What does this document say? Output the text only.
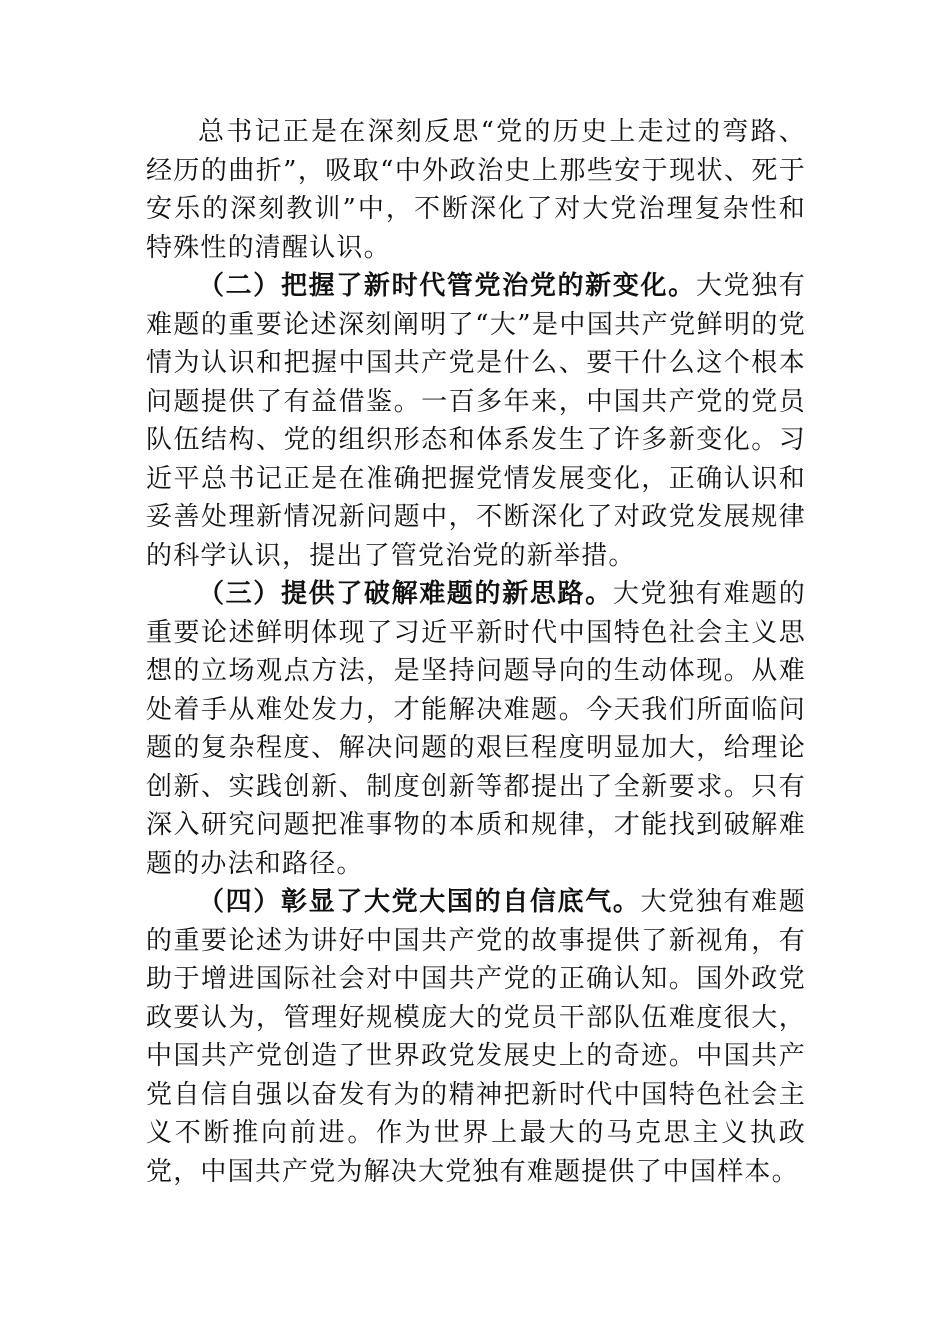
总书记正是在深刻反思“党的历史上走过的弯路、经历的曲折”，吸取“中外政治史上那些安于现状、死于安乐的深刻教训”中，不断深化了对大党治理复杂性和特殊性的清醒认识。

（二）把握了新时代管党治党的新变化。大党独有难题的重要论述深刻阐明了“大”是中国共产党鲜明的党情为认识和把握中国共产党是什么、要干什么这个根本问题提供了有益借鉴。一百多年来，中国共产党的党员队伍结构、党的组织形态和体系发生了许多新变化。习近平总书记正是在准确把握党情发展变化，正确认识和妥善处理新情况新问题中，不断深化了对政党发展规律的科学认识，提出了管党治党的新举措。

（三）提供了破解难题的新思路。大党独有难题的重要论述鲜明体现了习近平新时代中国特色社会主义思想的立场观点方法，是坚持问题导向的生动体现。从难处着手从难处发力，才能解决难题。今天我们所面临问题的复杂程度、解决问题的艰巨程度明显加大，给理论创新、实践创新、制度创新等都提出了全新要求。只有深入研究问题把准事物的本质和规律，才能找到破解难题的办法和路径。

（四）彰显了大党大国的自信底气。大党独有难题的重要论述为讲好中国共产党的故事提供了新视角，有助于增进国际社会对中国共产党的正确认知。国外政党政要认为，管理好规模庞大的党员干部队伍难度很大，中国共产党创造了世界政党发展史上的奇迹。中国共产党自信自强以奋发有为的精神把新时代中国特色社会主义不断推向前进。作为世界上最大的马克思主义执政党，中国共产党为解决大党独有难题提供了中国样本。
